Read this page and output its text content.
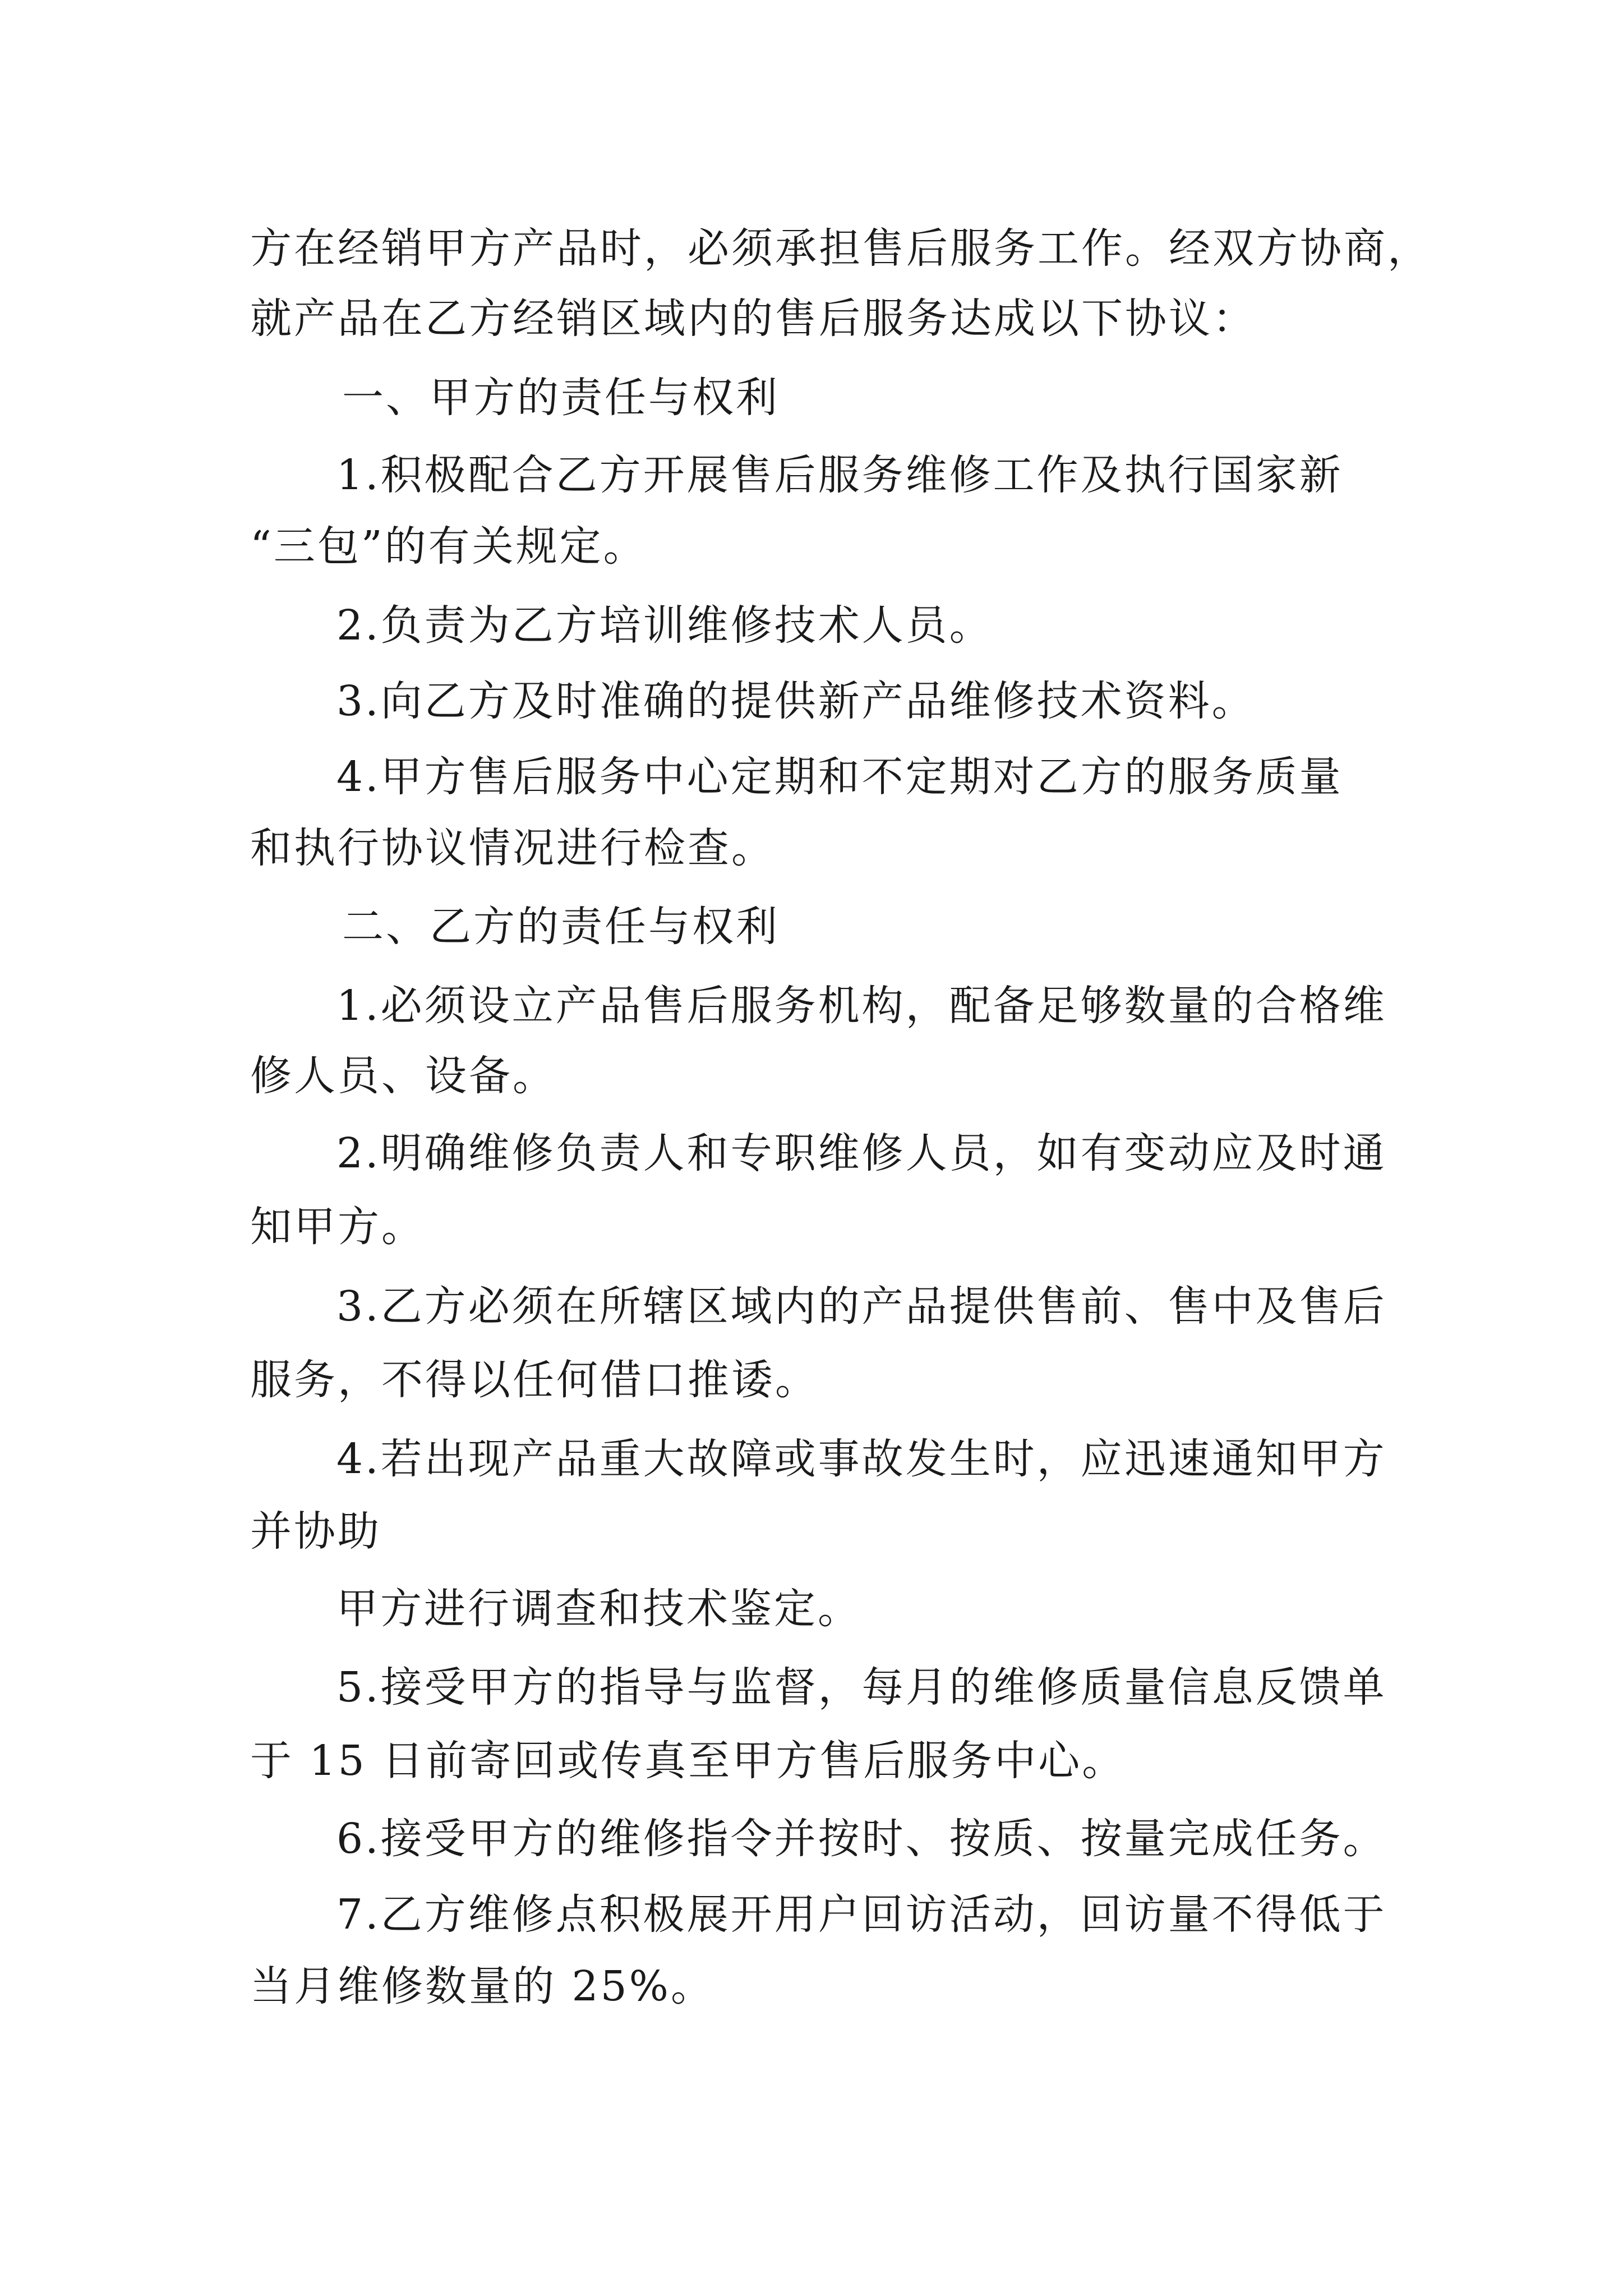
方在经销甲方产品时，必须承担售后服务工作。经双方协商，
就产品在乙方经销区域内的售后服务达成以下协议：
一、甲方的责任与权利
1.积极配合乙方开展售后服务维修工作及执行国家新
“三包”的有关规定。
2.负责为乙方培训维修技术人员。
3.向乙方及时准确的提供新产品维修技术资料。
4.甲方售后服务中心定期和不定期对乙方的服务质量
和执行协议情况进行检查。
二、乙方的责任与权利
1.必须设立产品售后服务机构，配备足够数量的合格维
修人员、设备。
2.明确维修负责人和专职维修人员，如有变动应及时通
知甲方。
3.乙方必须在所辖区域内的产品提供售前、售中及售后
服务，不得以任何借口推诿。
4.若出现产品重大故障或事故发生时，应迅速通知甲方
并协助
甲方进行调查和技术鉴定。
5.接受甲方的指导与监督，每月的维修质量信息反馈单
于 15 日前寄回或传真至甲方售后服务中心。
6.接受甲方的维修指令并按时、按质、按量完成任务。
7.乙方维修点积极展开用户回访活动，回访量不得低于
当月维修数量的 25%。
